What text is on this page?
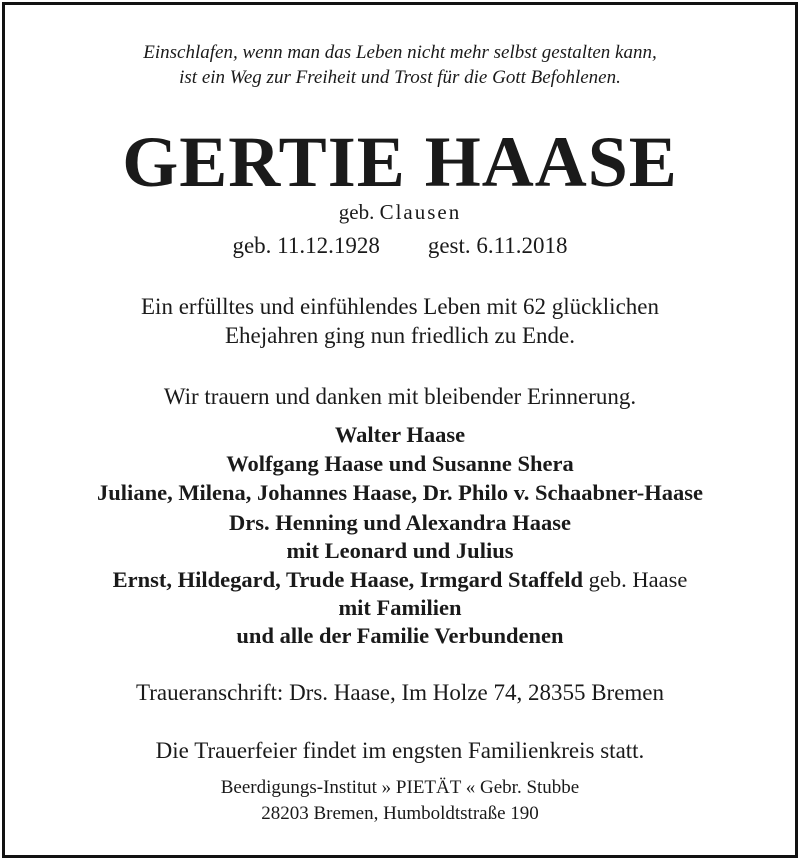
Einschlafen, wenn man das Leben nicht mehr selbst gestalten kann,
ist ein Weg zur Freiheit und Trost für die Gott Befohlenen.
GERTIE HAASE
geb. Clausen
geb. 11.12.1928 gest. 6.11.2018
Ein erfülltes und einfühlendes Leben mit 62 glücklichen
Ehejahren ging nun friedlich zu Ende.
Wir trauern und danken mit bleibender Erinnerung.
Walter Haase
Wolfgang Haase und Susanne Shera
Juliane, Milena, Johannes Haase, Dr. Philo v. Schaabner-Haase
Drs. Henning und Alexandra Haase
mit Leonard und Julius
Ernst, Hildegard, Trude Haase, Irmgard Staffeld geb. Haase
mit Familien
und alle der Familie Verbundenen
Traueranschrift: Drs. Haase, Im Holze 74, 28355 Bremen
Die Trauerfeier findet im engsten Familienkreis statt.
Beerdigungs-Institut » PIETÄT « Gebr. Stubbe
28203 Bremen, Humboldtstraße 190
